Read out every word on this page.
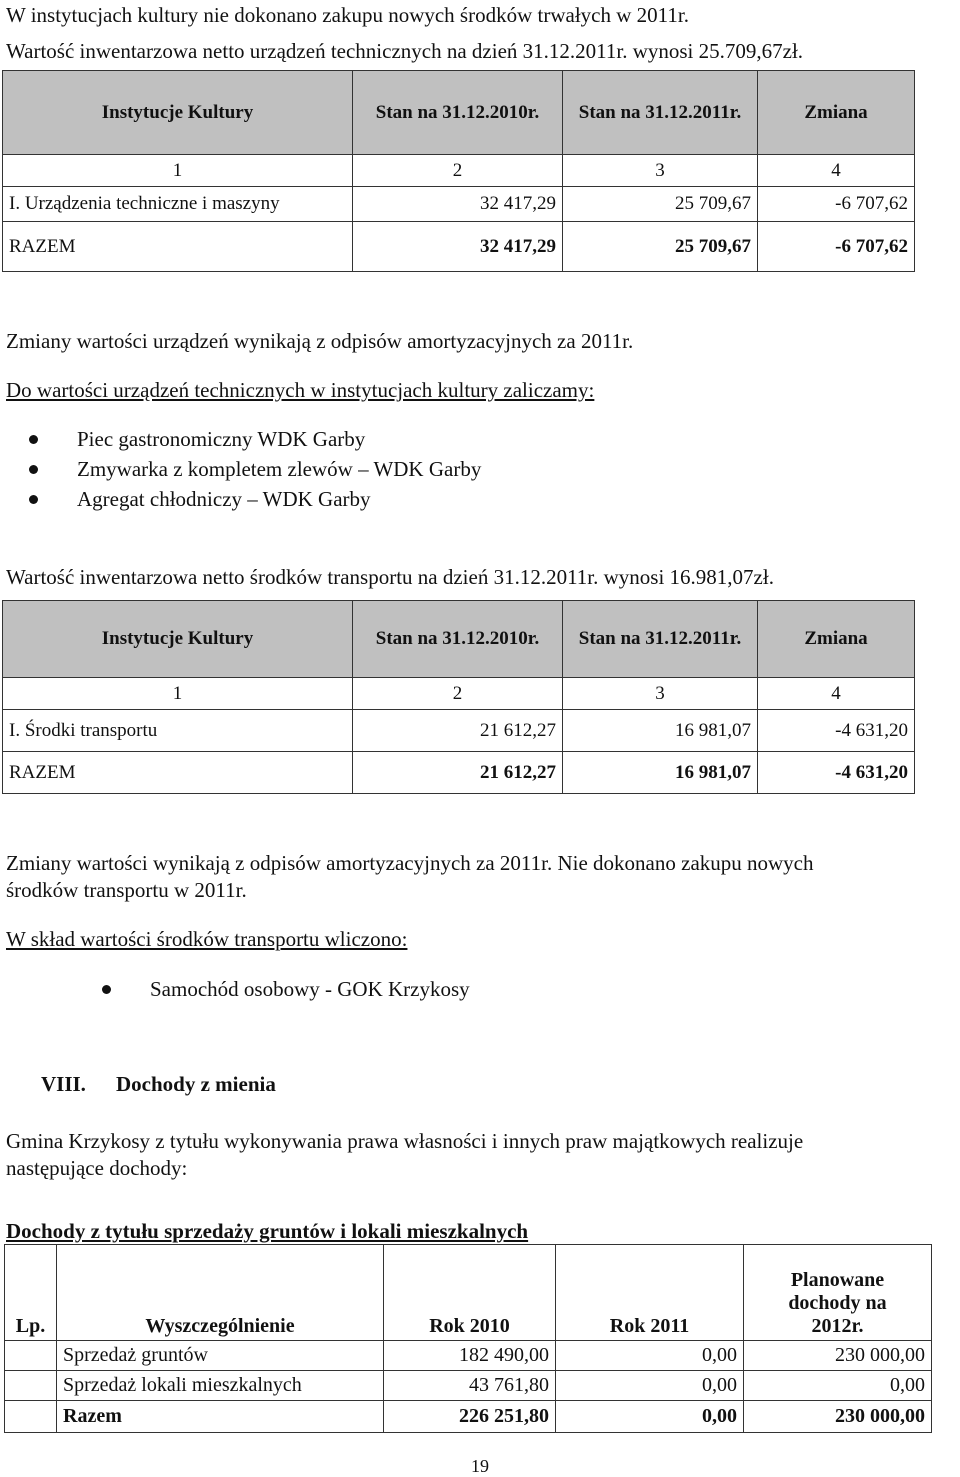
W instytucjach kultury nie dokonano zakupu nowych środków trwałych w 2011r.
Wartość inwentarzowa netto urządzeń technicznych na dzień 31.12.2011r. wynosi 25.709,67zł.
Instytucje Kultury	Stan na 31.12.2010r.	Stan na 31.12.2011r.	Zmiana
1	2	3	4
I. Urządzenia techniczne i maszyny	32 417,29	25 709,67	-6 707,62
RAZEM	32 417,29	25 709,67	-6 707,62
Zmiany wartości urządzeń wynikają z odpisów amortyzacyjnych za 2011r.
Do wartości urządzeń technicznych w instytucjach kultury zaliczamy:
Piec gastronomiczny WDK Garby
Zmywarka z kompletem zlewów – WDK Garby
Agregat chłodniczy – WDK Garby
Wartość inwentarzowa netto środków transportu na dzień 31.12.2011r. wynosi 16.981,07zł.
Instytucje Kultury	Stan na 31.12.2010r.	Stan na 31.12.2011r.	Zmiana
1	2	3	4
I. Środki transportu	21 612,27	16 981,07	-4 631,20
RAZEM	21 612,27	16 981,07	-4 631,20
Zmiany wartości wynikają z odpisów amortyzacyjnych za 2011r. Nie dokonano zakupu nowych
środków transportu w 2011r.
W skład wartości środków transportu wliczono:
Samochód osobowy - GOK Krzykosy
VIII. Dochody z mienia
Gmina Krzykosy z tytułu wykonywania prawa własności i innych praw majątkowych realizuje
następujące dochody:
Dochody z tytułu sprzedaży gruntów i lokali mieszkalnych
Lp.	Wyszczególnienie	Rok 2010	Rok 2011	Planowane dochody na 2012r.
	Sprzedaż gruntów	182 490,00	0,00	230 000,00
	Sprzedaż lokali mieszkalnych	43 761,80	0,00	0,00
	Razem	226 251,80	0,00	230 000,00
19
